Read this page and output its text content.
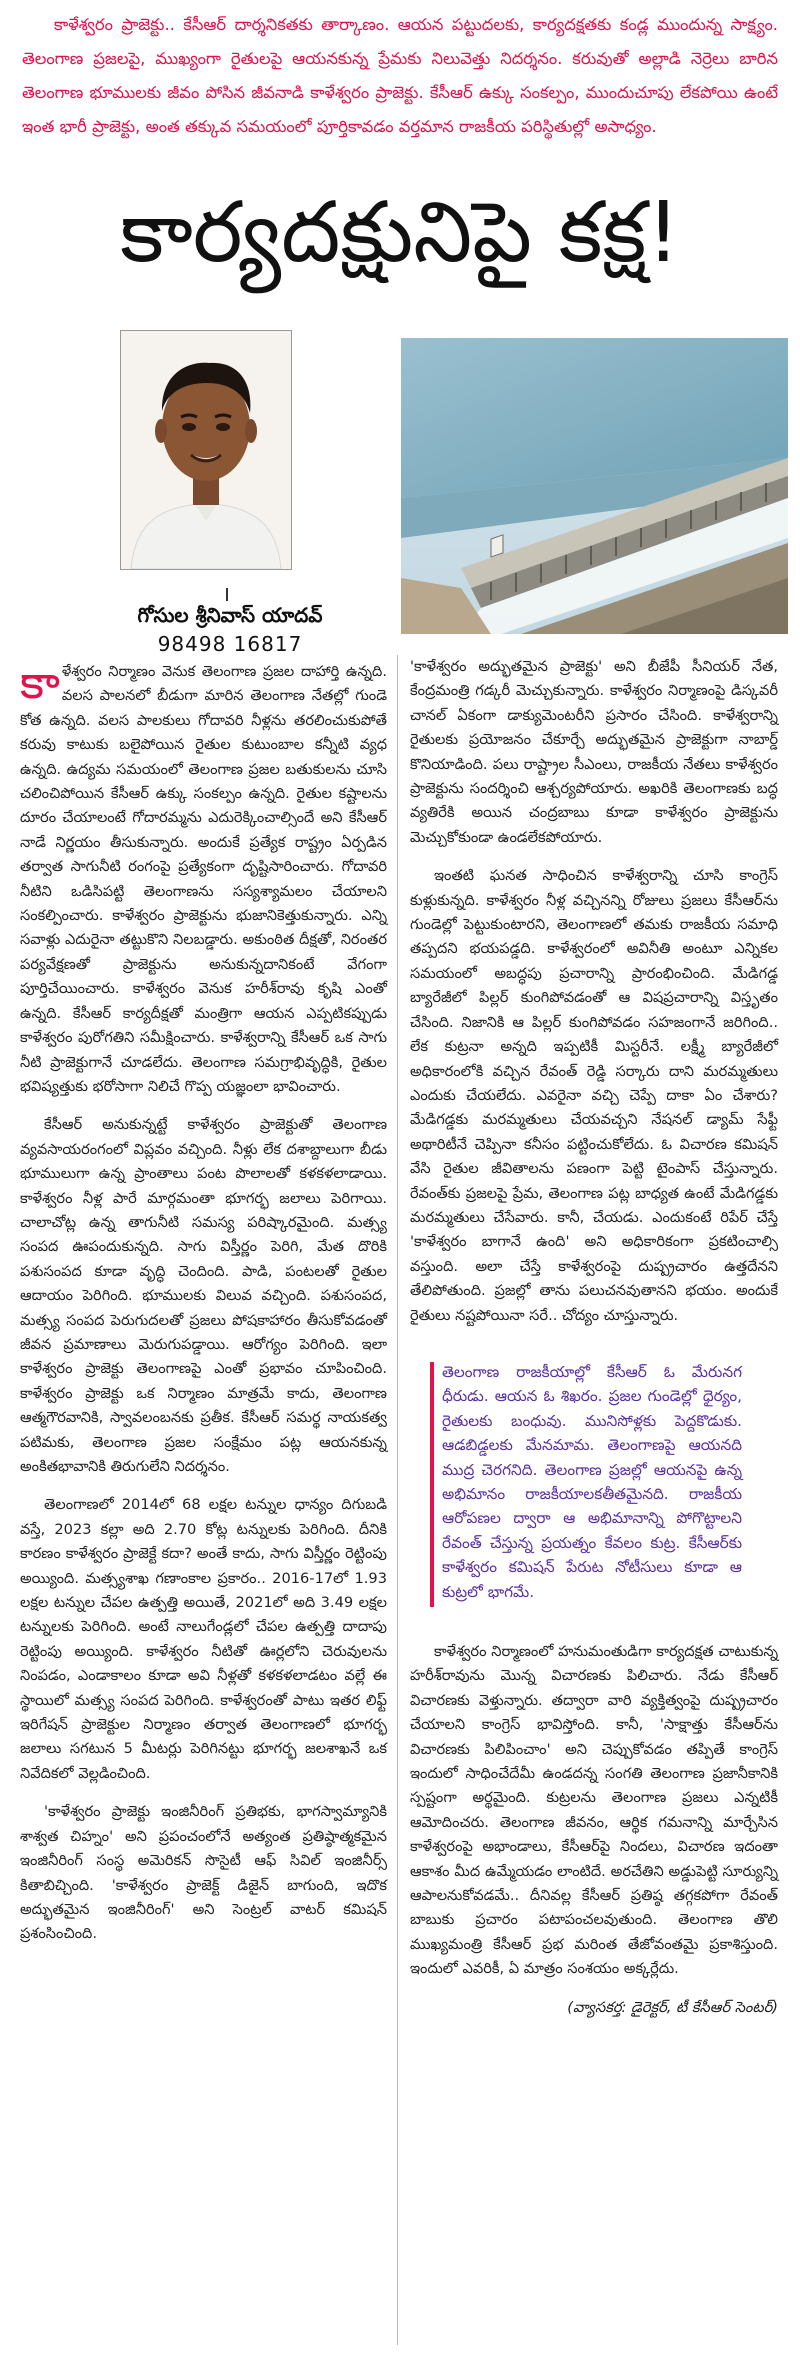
కాళేశ్వరం ప్రాజెక్టు.. కేసీఆర్ దార్శనికతకు తార్కాణం. ఆయన పట్టుదలకు, కార్యదక్షతకు కండ్ల ముందున్న సాక్ష్యం. తెలంగాణ ప్రజలపై, ముఖ్యంగా రైతులపై ఆయనకున్న ప్రేమకు నిలువెత్తు నిదర్శనం. కరువుతో అల్లాడి నెర్రెలు బారిన తెలంగాణ భూములకు జీవం పోసిన జీవనాడి కాళేశ్వరం ప్రాజెక్టు. కేసీఆర్ ఉక్కు సంకల్పం, ముందుచూపు లేకపోయి ఉంటే ఇంత భారీ ప్రాజెక్టు, అంత తక్కువ సమయంలో పూర్తికావడం వర్తమాన రాజకీయ పరిస్థితుల్లో అసాధ్యం.
కార్యదక్షునిపై కక్ష!
గోసుల శ్రీనివాస్ యాదవ్
98498 16817

కాళేశ్వరం నిర్మాణం వెనుక తెలంగాణ ప్రజల దాహార్తి ఉన్నది. వలస పాలనలో బీడుగా మారిన తెలంగాణ నేతల్లో గుండె కోత ఉన్నది. వలస పాలకులు గోదావరి నీళ్లను తరలించుకుపోతే కరువు కాటుకు బలైపోయిన రైతుల కుటుంబాల కన్నీటి వ్యధ ఉన్నది. ఉద్యమ సమయంలో తెలంగాణ ప్రజల బతుకులను చూసి చలించిపోయిన కేసీఆర్ ఉక్కు సంకల్పం ఉన్నది. రైతుల కష్టాలను దూరం చేయాలంటే గోదారమ్మను ఎదురెక్కించాల్సిందే అని కేసీఆర్ నాడే నిర్ణయం తీసుకున్నారు. అందుకే ప్రత్యేక రాష్ట్రం ఏర్పడిన తర్వాత సాగునీటి రంగంపై ప్రత్యేకంగా దృష్టిసారించారు. గోదావరి నీటిని ఒడిసిపట్టి తెలంగాణను సస్యశ్యామలం చేయాలని సంకల్పించారు. కాళేశ్వరం ప్రాజెక్టును భుజానికెత్తుకున్నారు. ఎన్ని సవాళ్లు ఎదురైనా తట్టుకొని నిలబడ్డారు. అకుంఠిత దీక్షతో, నిరంతర పర్యవేక్షణతో ప్రాజెక్టును అనుకున్నదానికంటే వేగంగా పూర్తిచేయించారు. కాళేశ్వరం వెనుక హరీశ్‌రావు కృషి ఎంతో ఉన్నది. కేసీఆర్ కార్యదీక్షతో మంత్రిగా ఆయన ఎప్పటికప్పుడు కాళేశ్వరం పురోగతిని సమీక్షించారు. కాళేశ్వరాన్ని కేసీఆర్ ఒక సాగు నీటి ప్రాజెక్టుగానే చూడలేదు. తెలంగాణ సమగ్రాభివృద్ధికి, రైతుల భవిష్యత్తుకు భరోసాగా నిలిచే గొప్ప యజ్ఞంలా భావించారు.

కేసీఆర్ అనుకున్నట్టే కాళేశ్వరం ప్రాజెక్టుతో తెలంగాణ వ్యవసాయరంగంలో విప్లవం వచ్చింది. నీళ్లు లేక దశాబ్దాలుగా బీడు భూములుగా ఉన్న ప్రాంతాలు పంట పొలాలతో కళకళలాడాయి. కాళేశ్వరం నీళ్ల పారే మార్గమంతా భూగర్భ జలాలు పెరిగాయి. చాలాచోట్ల ఉన్న తాగునీటి సమస్య పరిష్కారమైంది. మత్స్య సంపద ఊపందుకున్నది. సాగు విస్తీర్ణం పెరిగి, మేత దొరికి పశుసంపద కూడా వృద్ధి చెందింది. పాడి, పంటలతో రైతుల ఆదాయం పెరిగింది. భూములకు విలువ వచ్చింది. పశుసంపద, మత్స్య సంపద పెరుగుదలతో ప్రజలు పోషకాహారం తీసుకోవడంతో జీవన ప్రమాణాలు మెరుగుపడ్డాయి. ఆరోగ్యం పెరిగింది. ఇలా కాళేశ్వరం ప్రాజెక్టు తెలంగాణపై ఎంతో ప్రభావం చూపించింది. కాళేశ్వరం ప్రాజెక్టు ఒక నిర్మాణం మాత్రమే కాదు, తెలంగాణ ఆత్మగౌరవానికి, స్వావలంబనకు ప్రతీక. కేసీఆర్ సమర్థ నాయకత్వ పటిమకు, తెలంగాణ ప్రజల సంక్షేమం పట్ల ఆయనకున్న అంకితభావానికి తిరుగులేని నిదర్శనం.

తెలంగాణలో 2014లో 68 లక్షల టన్నుల ధాన్యం దిగుబడి వస్తే, 2023 కల్లా అది 2.70 కోట్ల టన్నులకు పెరిగింది. దీనికి కారణం కాళేశ్వరం ప్రాజెక్టే కదా? అంతే కాదు, సాగు విస్తీర్ణం రెట్టింపు అయ్యింది. మత్స్యశాఖ గణాంకాల ప్రకారం.. 2016-17లో 1.93 లక్షల టన్నుల చేపల ఉత్పత్తి అయితే, 2021లో అది 3.49 లక్షల టన్నులకు పెరిగింది. అంటే నాలుగేండ్లలో చేపల ఉత్పత్తి దాదాపు రెట్టింపు అయ్యింది. కాళేశ్వరం నీటితో ఊర్లలోని చెరువులను నింపడం, ఎండాకాలం కూడా అవి నీళ్లతో కళకళలాడటం వల్లే ఈ స్థాయిలో మత్స్య సంపద పెరిగింది. కాళేశ్వరంతో పాటు ఇతర లిఫ్ట్ ఇరిగేషన్ ప్రాజెక్టుల నిర్మాణం తర్వాత తెలంగాణలో భూగర్భ జలాలు సగటున 5 మీటర్లు పెరిగినట్టు భూగర్భ జలశాఖనే ఒక నివేదికలో వెల్లడించింది.

'కాళేశ్వరం ప్రాజెక్టు ఇంజినీరింగ్ ప్రతిభకు, భాగస్వామ్యానికి శాశ్వత చిహ్నం' అని ప్రపంచంలోనే అత్యంత ప్రతిష్ఠాత్మకమైన ఇంజినీరింగ్ సంస్థ అమెరికన్ సొసైటీ ఆఫ్ సివిల్ ఇంజినీర్స్ కితాబిచ్చింది. 'కాళేశ్వరం ప్రాజెక్ట్ డిజైన్ బాగుంది, ఇదొక అద్భుతమైన ఇంజినీరింగ్' అని సెంట్రల్ వాటర్ కమిషన్ ప్రశంసించింది.

'కాళేశ్వరం అద్భుతమైన ప్రాజెక్టు' అని బీజేపీ సీనియర్ నేత, కేంద్రమంత్రి గడ్కరీ మెచ్చుకున్నారు. కాళేశ్వరం నిర్మాణంపై డిస్కవరీ చానల్ ఏకంగా డాక్యుమెంటరీని ప్రసారం చేసింది. కాళేశ్వరాన్ని రైతులకు ప్రయోజనం చేకూర్చే అద్భుతమైన ప్రాజెక్టుగా నాబార్డ్ కొనియాడింది. పలు రాష్ట్రాల సీఎంలు, రాజకీయ నేతలు కాళేశ్వరం ప్రాజెక్టును సందర్శించి ఆశ్చర్యపోయారు. అఖరికి తెలంగాణకు బద్ధ వ్యతిరేకి అయిన చంద్రబాబు కూడా కాళేశ్వరం ప్రాజెక్టును మెచ్చుకోకుండా ఉండలేకపోయారు.

ఇంతటి ఘనత సాధించిన కాళేశ్వరాన్ని చూసి కాంగ్రెస్ కుళ్లుకున్నది. కాళేశ్వరం నీళ్ల వచ్చినన్ని రోజులు ప్రజలు కేసీఆర్‌ను గుండెల్లో పెట్టుకుంటారని, తెలంగాణలో తమకు రాజకీయ సమాధి తప్పదని భయపడ్డది. కాళేశ్వరంలో అవినీతి అంటూ ఎన్నికల సమయంలో అబద్ధపు ప్రచారాన్ని ప్రారంభించింది. మేడిగడ్డ బ్యారేజీలో పిల్లర్ కుంగిపోవడంతో ఆ విషప్రచారాన్ని విస్తృతం చేసింది. నిజానికి ఆ పిల్లర్ కుంగిపోవడం సహజంగానే జరిగింది.. లేక కుట్రనా అన్నది ఇప్పటికీ మిస్టరీనే. లక్ష్మీ బ్యారేజీలో అధికారంలోకి వచ్చిన రేవంత్ రెడ్డి సర్కారు దాని మరమ్మతులు ఎందుకు చేయలేదు. ఎవరైనా వచ్చి చెప్పే దాకా ఏం చేశారు? మేడిగడ్డకు మరమ్మతులు చేయవచ్చని నేషనల్ డ్యామ్ సేఫ్టీ అథారిటీనే చెప్పినా కనీసం పట్టించుకోలేదు. ఓ విచారణ కమిషన్ వేసి రైతుల జీవితాలను పణంగా పెట్టి టైంపాస్ చేస్తున్నారు. రేవంత్‌కు ప్రజలపై ప్రేమ, తెలంగాణ పట్ల బాధ్యత ఉంటే మేడిగడ్డకు మరమ్మతులు చేసేవారు. కానీ, చేయడు. ఎందుకంటే రిపేర్ చేస్తే 'కాళేశ్వరం బాగానే ఉంది' అని అధికారికంగా ప్రకటించాల్సి వస్తుంది. అలా చేస్తే కాళేశ్వరంపై దుష్ప్రచారం ఉత్తదేనని తేలిపోతుంది. ప్రజల్లో తాను పలుచనవుతానని భయం. అందుకే రైతులు నష్టపోయినా సరే.. చోద్యం చూస్తున్నారు.

తెలంగాణ రాజకీయాల్లో కేసీఆర్ ఓ మేరునగ ధీరుడు. ఆయన ఓ శిఖరం. ప్రజల గుండెల్లో ధైర్యం, రైతులకు బంధువు. మునిసోళ్లకు పెద్దకొడుకు. ఆడబిడ్డలకు మేనమామ. తెలంగాణపై ఆయనది ముద్ర చెరగనిది. తెలంగాణ ప్రజల్లో ఆయనపై ఉన్న అభిమానం రాజకీయాలకతీతమైనది. రాజకీయ ఆరోపణల ద్వారా ఆ అభిమానాన్ని పోగొట్టాలని రేవంత్ చేస్తున్న ప్రయత్నం కేవలం కుట్ర. కేసీఆర్‌కు కాళేశ్వరం కమిషన్ పేరుట నోటీసులు కూడా ఆ కుట్రలో భాగమే.

కాళేశ్వరం నిర్మాణంలో హనుమంతుడిగా కార్యదక్షత చాటుకున్న హరీశ్‌రావును మొన్న విచారణకు పిలిచారు. నేడు కేసీఆర్ విచారణకు వెళ్తున్నారు. తద్వారా వారి వ్యక్తిత్వంపై దుష్ప్రచారం చేయాలని కాంగ్రెస్ భావిస్తోంది. కానీ, 'సాక్షాత్తు కేసీఆర్‌ను విచారణకు పిలిపించాం' అని చెప్పుకోవడం తప్పితే కాంగ్రెస్ ఇందులో సాధించేదేమీ ఉండదన్న సంగతి తెలంగాణ ప్రజానీకానికి స్పష్టంగా అర్థమైంది. కుట్రలను తెలంగాణ ప్రజలు ఎన్నటికీ ఆమోదించరు. తెలంగాణ జీవనం, ఆర్థిక గమనాన్ని మార్చేసిన కాళేశ్వరంపై అభాండాలు, కేసీఆర్‌పై నిందలు, విచారణ ఇదంతా ఆకాశం మీద ఉమ్మేయడం లాంటిదే. అరచేతిని అడ్డుపెట్టి సూర్యున్ని ఆపాలనుకోవడమే.. దీనివల్ల కేసీఆర్ ప్రతిష్ఠ తగ్గకపోగా రేవంత్ బాబుకు ప్రచారం పటాపంచలవుతుంది. తెలంగాణ తొలి ముఖ్యమంత్రి కేసీఆర్ ప్రభ మరింత తేజోవంతమై ప్రకాశిస్తుంది. ఇందులో ఎవరికీ, ఏ మాత్రం సంశయం అక్కర్లేదు.

(వ్యాసకర్త: డైరెక్టర్, టీ కేసీఆర్ సెంటర్)
